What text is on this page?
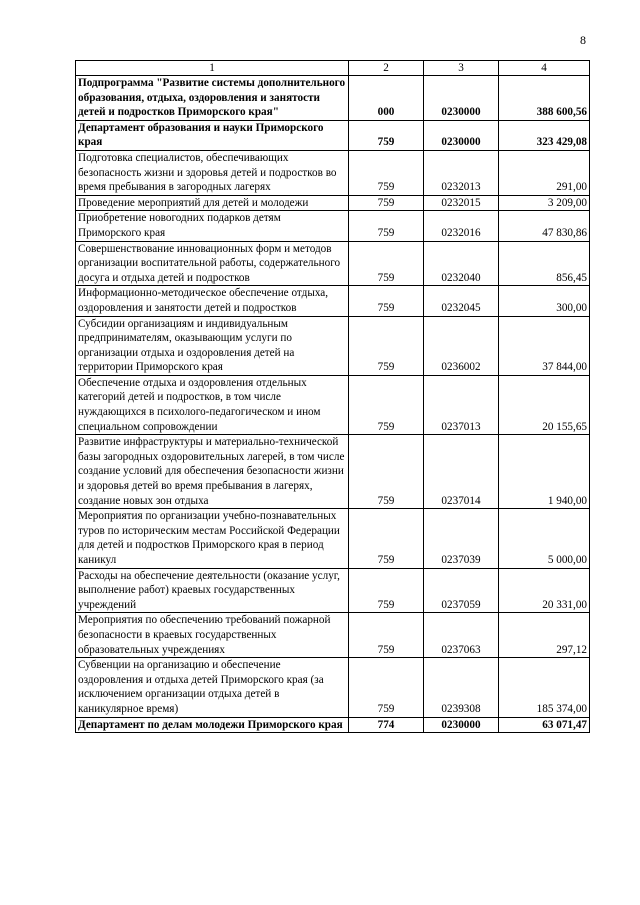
8
1	2	3	4
Подпрограмма "Развитие системы дополнительного образования, отдыха, оздоровления и занятости детей и подростков Приморского края"	000	0230000	388 600,56
Департамент образования и науки Приморского края	759	0230000	323 429,08
Подготовка специалистов, обеспечивающих безопасность жизни и здоровья детей и подростков во время пребывания в загородных лагерях	759	0232013	291,00
Проведение мероприятий для детей и молодежи	759	0232015	3 209,00
Приобретение новогодних подарков детям Приморского края	759	0232016	47 830,86
Совершенствование инновационных форм и методов организации воспитательной работы, содержательного досуга и отдыха детей и подростков	759	0232040	856,45
Информационно-методическое обеспечение отдыха, оздоровления и занятости детей и подростков	759	0232045	300,00
Субсидии организациям и индивидуальным предпринимателям, оказывающим услуги по организации отдыха и оздоровления детей на территории Приморского края	759	0236002	37 844,00
Обеспечение отдыха и оздоровления отдельных категорий детей и подростков, в том числе нуждающихся в психолого-педагогическом и ином специальном сопровождении	759	0237013	20 155,65
Развитие инфраструктуры и материально-технической базы загородных оздоровительных лагерей, в том числе создание условий для обеспечения безопасности жизни и здоровья детей во время пребывания в лагерях, создание новых зон отдыха	759	0237014	1 940,00
Мероприятия по организации учебно-познавательных туров по историческим местам Российской Федерации для детей и подростков Приморского края в период каникул	759	0237039	5 000,00
Расходы на обеспечение деятельности (оказание услуг, выполнение работ) краевых государственных учреждений	759	0237059	20 331,00
Мероприятия по обеспечению требований пожарной безопасности в краевых государственных образовательных учреждениях	759	0237063	297,12
Субвенции на организацию и обеспечение оздоровления и отдыха детей Приморского края (за исключением организации отдыха детей в каникулярное время)	759	0239308	185 374,00
Департамент по делам молодежи Приморского края	774	0230000	63 071,47
